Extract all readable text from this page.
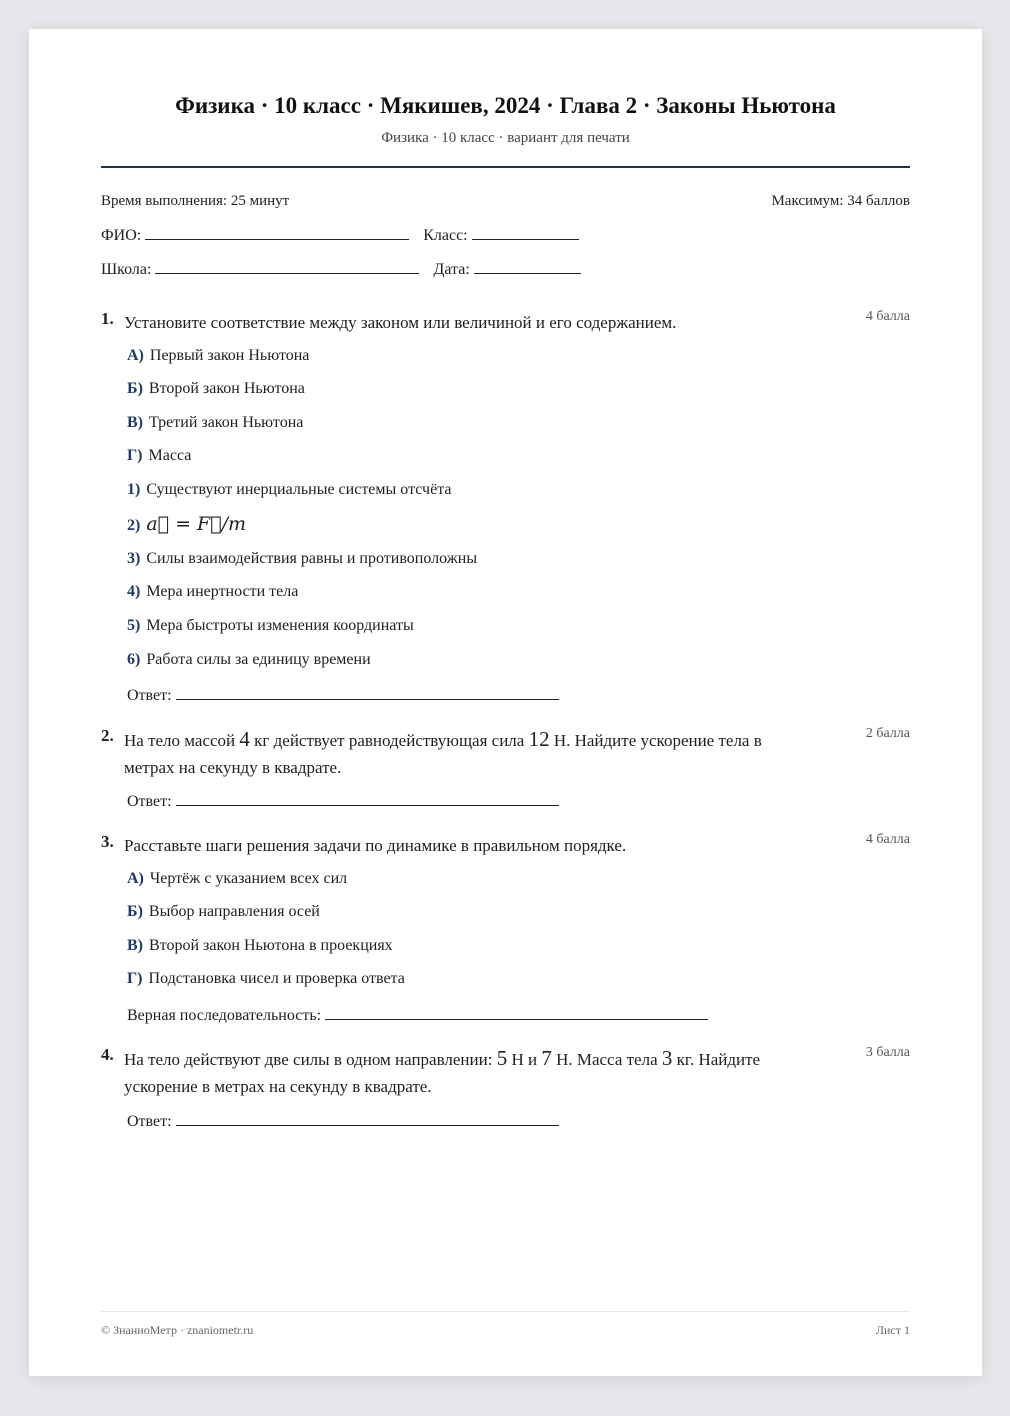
Физика · 10 класс · Мякишев, 2024 · Глава 2 · Законы Ньютона
Физика · 10 класс · вариант для печати
Время выполнения: 25 минут	Максимум: 34 баллов
ФИО:	Класс:
Школа:	Дата:
1. Установите соответствие между законом или величиной и его содержанием.	4 балла
А) Первый закон Ньютона
Б) Второй закон Ньютона
В) Третий закон Ньютона
Г) Масса
1) Существуют инерциальные системы отсчёта
2) a⃗ = F⃗/m
3) Силы взаимодействия равны и противоположны
4) Мера инертности тела
5) Мера быстроты изменения координаты
6) Работа силы за единицу времени
Ответ:
2. На тело массой 4 кг действует равнодействующая сила 12 Н. Найдите ускорение тела в метрах на секунду в квадрате.
2 балла
Ответ:
3. Расставьте шаги решения задачи по динамике в правильном порядке.	4 балла
А) Чертёж с указанием всех сил
Б) Выбор направления осей
В) Второй закон Ньютона в проекциях
Г) Подстановка чисел и проверка ответа
Верная последовательность:
4. На тело действуют две силы в одном направлении: 5 Н и 7 Н. Масса тела 3 кг. Найдите ускорение в метрах на секунду в квадрате.
3 балла
Ответ:
© ЗнаниоМетр · znaniometr.ru	Лист 1
